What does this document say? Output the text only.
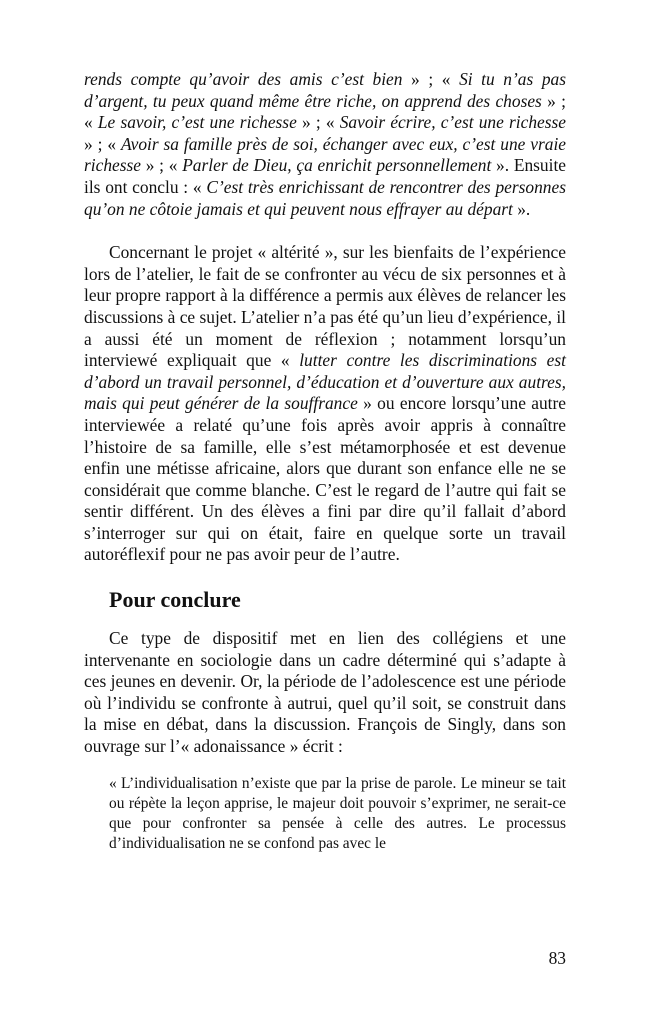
rends compte qu’avoir des amis c’est bien » ; « Si tu n’as pas d’argent, tu peux quand même être riche, on apprend des choses » ; « Le savoir, c’est une richesse » ; « Savoir écrire, c’est une richesse » ; « Avoir sa famille près de soi, échanger avec eux, c’est une vraie richesse » ; « Parler de Dieu, ça enrichit personnellement ». Ensuite ils ont conclu : « C’est très enrichissant de rencontrer des personnes qu’on ne côtoie jamais et qui peuvent nous effrayer au départ ».

Concernant le projet « altérité », sur les bienfaits de l’expérience lors de l’atelier, le fait de se confronter au vécu de six personnes et à leur propre rapport à la différence a permis aux élèves de relancer les discussions à ce sujet. L’atelier n’a pas été qu’un lieu d’expérience, il a aussi été un moment de réflexion ; notamment lorsqu’un interviewé expliquait que « lutter contre les discriminations est d’abord un travail personnel, d’éducation et d’ouverture aux autres, mais qui peut générer de la souffrance » ou encore lorsqu’une autre interviewée a relaté qu’une fois après avoir appris à connaître l’histoire de sa famille, elle s’est métamorphosée et est devenue enfin une métisse africaine, alors que durant son enfance elle ne se considérait que comme blanche. C’est le regard de l’autre qui fait se sentir différent. Un des élèves a fini par dire qu’il fallait d’abord s’interroger sur qui on était, faire en quelque sorte un travail autoréflexif pour ne pas avoir peur de l’autre.

Pour conclure

Ce type de dispositif met en lien des collégiens et une intervenante en sociologie dans un cadre déterminé qui s’adapte à ces jeunes en devenir. Or, la période de l’adolescence est une période où l’individu se confronte à autrui, quel qu’il soit, se construit dans la mise en débat, dans la discussion. François de Singly, dans son ouvrage sur l’« adonaissance » écrit :

« L’individualisation n’existe que par la prise de parole. Le mineur se tait ou répète la leçon apprise, le majeur doit pouvoir s’exprimer, ne serait-ce que pour confronter sa pensée à celle des autres. Le processus d’individualisation ne se confond pas avec le

83
